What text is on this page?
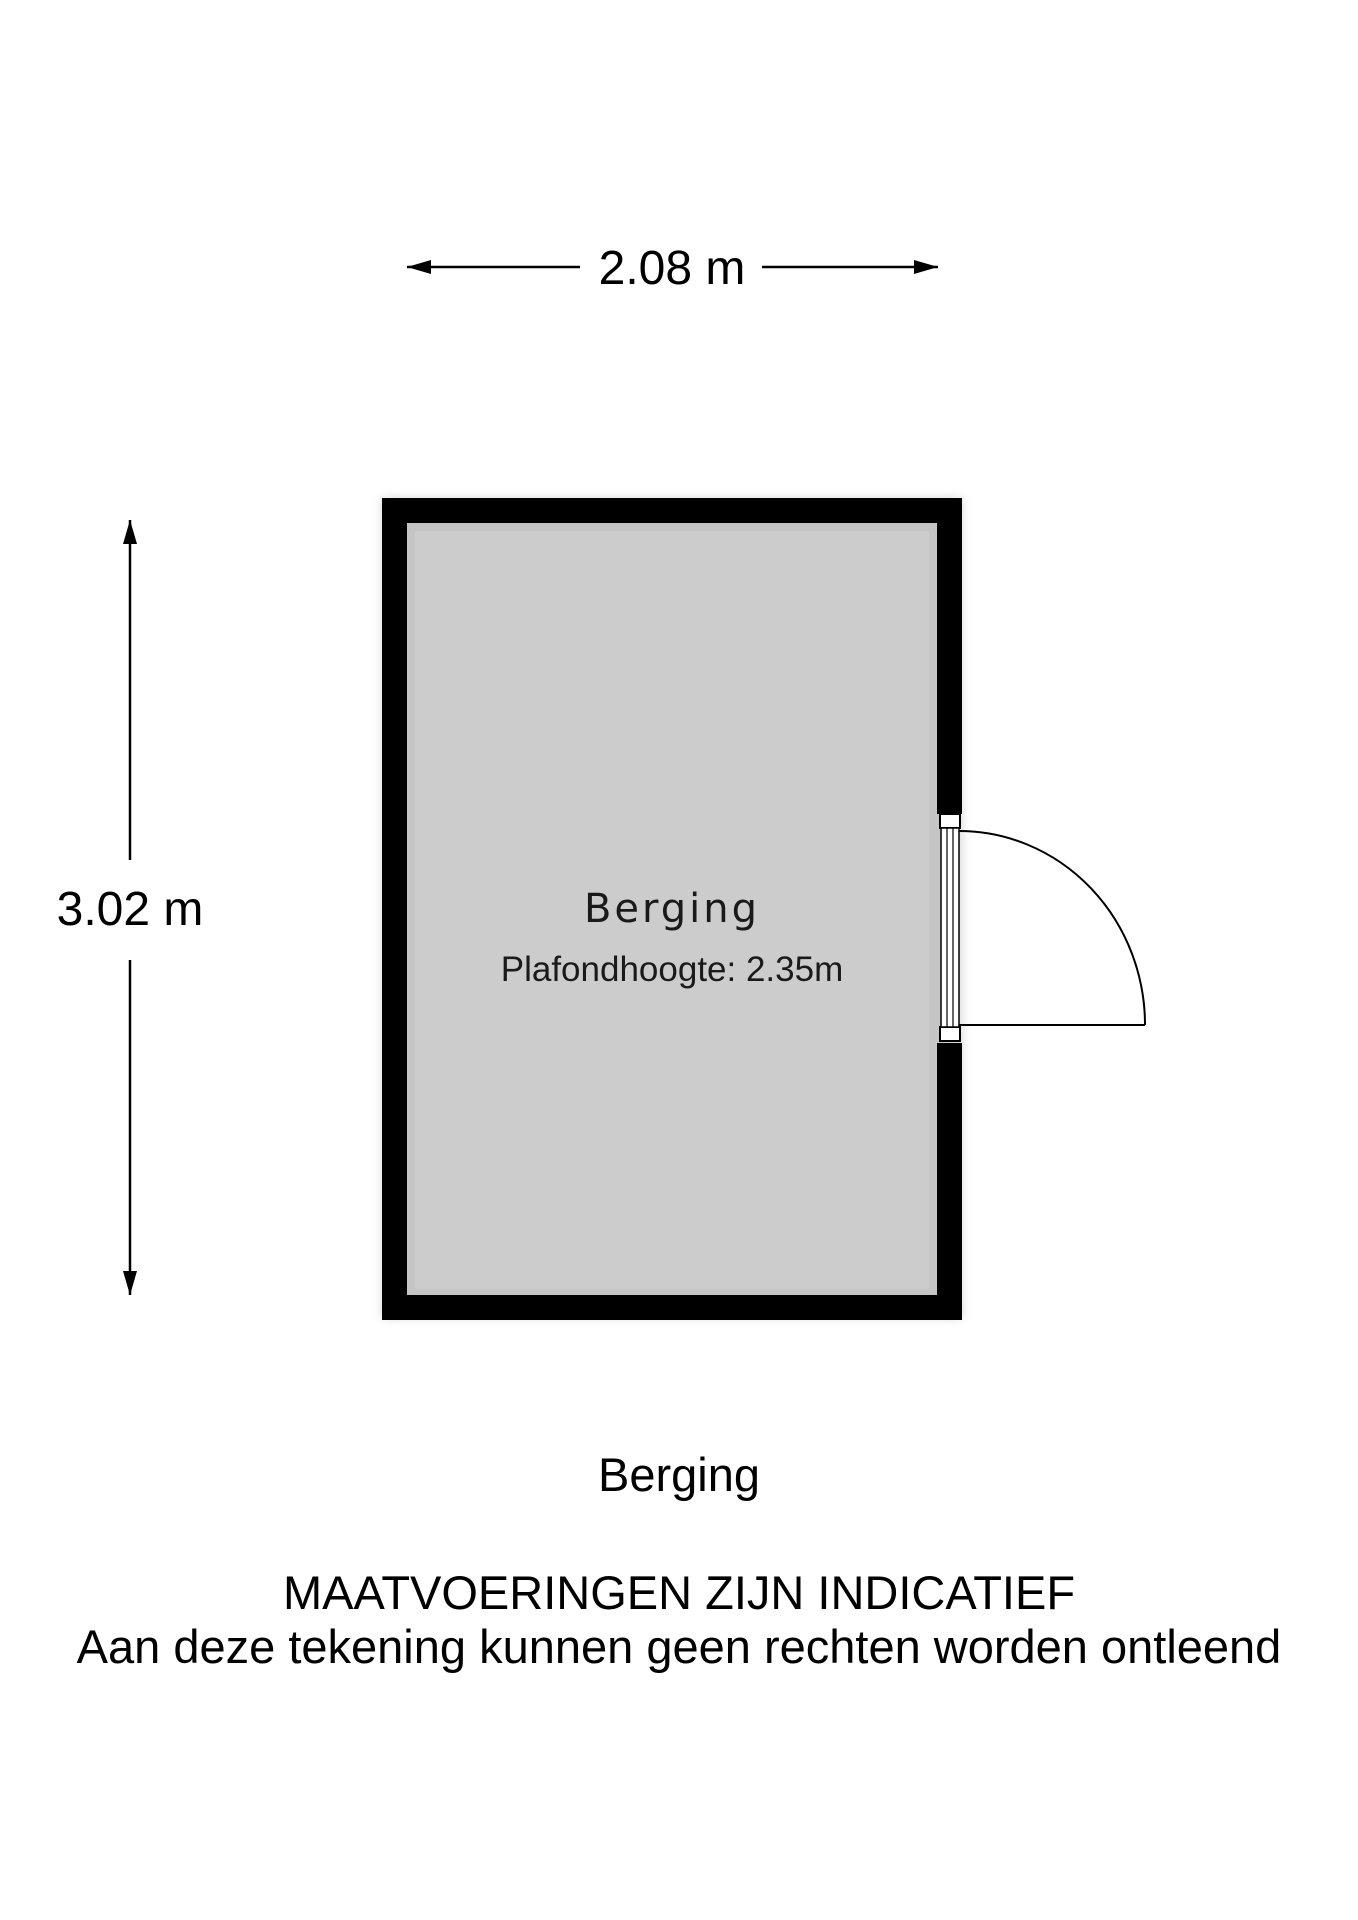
2.08 m
3.02 m	Berging
Plafondhoogte: 2.35m
Berging
MAATVOERINGEN ZIJN INDICATIEF
Aan deze tekening kunnen geen rechten worden ontleend
